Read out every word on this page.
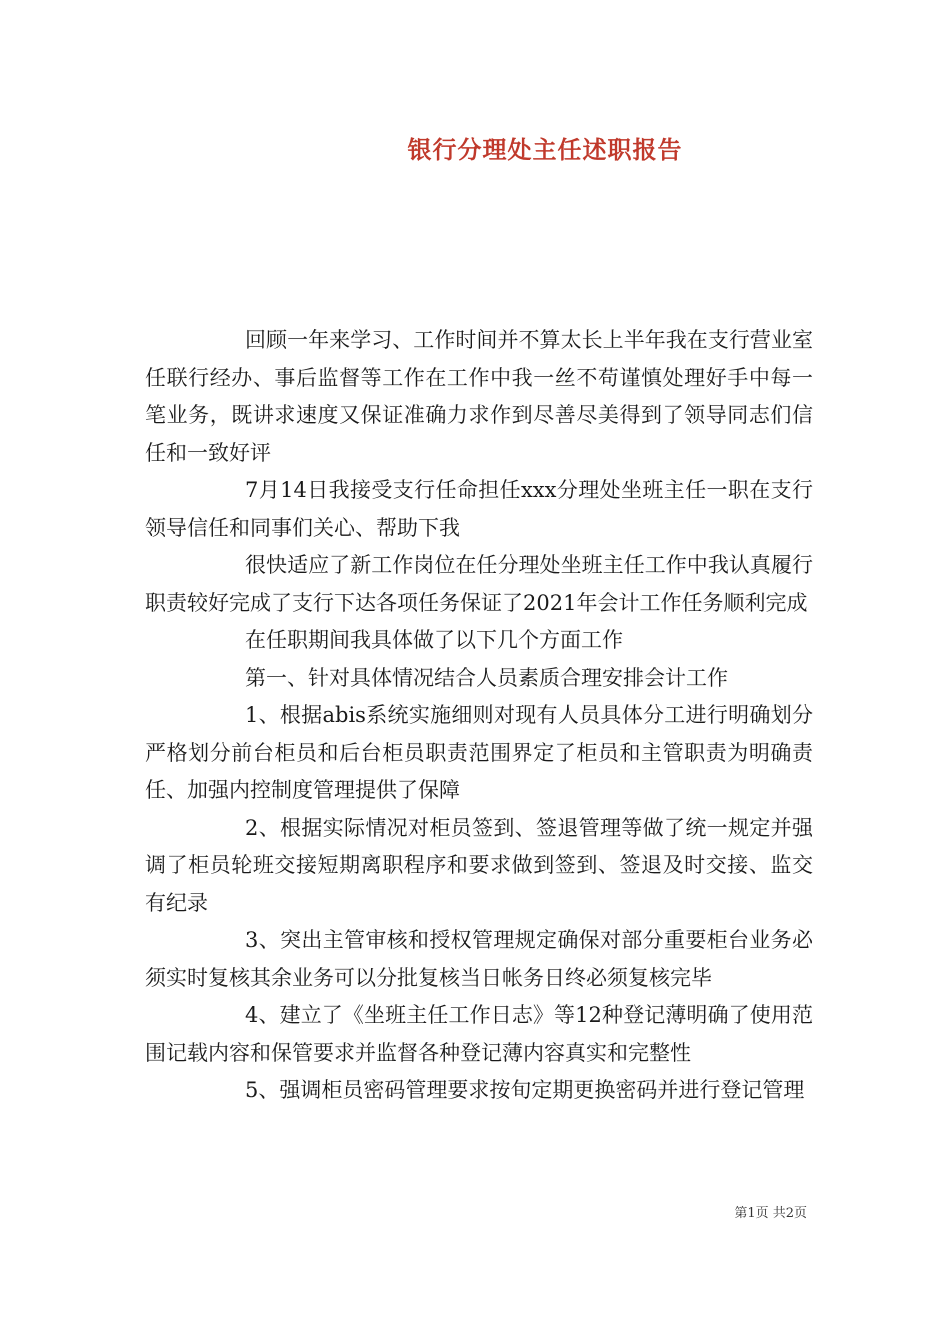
银行分理处主任述职报告

回顾一年来学习、工作时间并不算太长上半年我在支行营业室任联行经办、事后监督等工作在工作中我一丝不苟谨慎处理好手中每一笔业务，既讲求速度又保证准确力求作到尽善尽美得到了领导同志们信任和一致好评

7月14日我接受支行任命担任xxx分理处坐班主任一职在支行领导信任和同事们关心、帮助下我

很快适应了新工作岗位在任分理处坐班主任工作中我认真履行职责较好完成了支行下达各项任务保证了2021年会计工作任务顺利完成

在任职期间我具体做了以下几个方面工作

第一、针对具体情况结合人员素质合理安排会计工作

1、根据abis系统实施细则对现有人员具体分工进行明确划分严格划分前台柜员和后台柜员职责范围界定了柜员和主管职责为明确责任、加强内控制度管理提供了保障

2、根据实际情况对柜员签到、签退管理等做了统一规定并强调了柜员轮班交接短期离职程序和要求做到签到、签退及时交接、监交有纪录

3、突出主管审核和授权管理规定确保对部分重要柜台业务必须实时复核其余业务可以分批复核当日帐务日终必须复核完毕

4、建立了《坐班主任工作日志》等12种登记薄明确了使用范围记载内容和保管要求并监督各种登记薄内容真实和完整性

5、强调柜员密码管理要求按旬定期更换密码并进行登记管理

第1页 共2页
